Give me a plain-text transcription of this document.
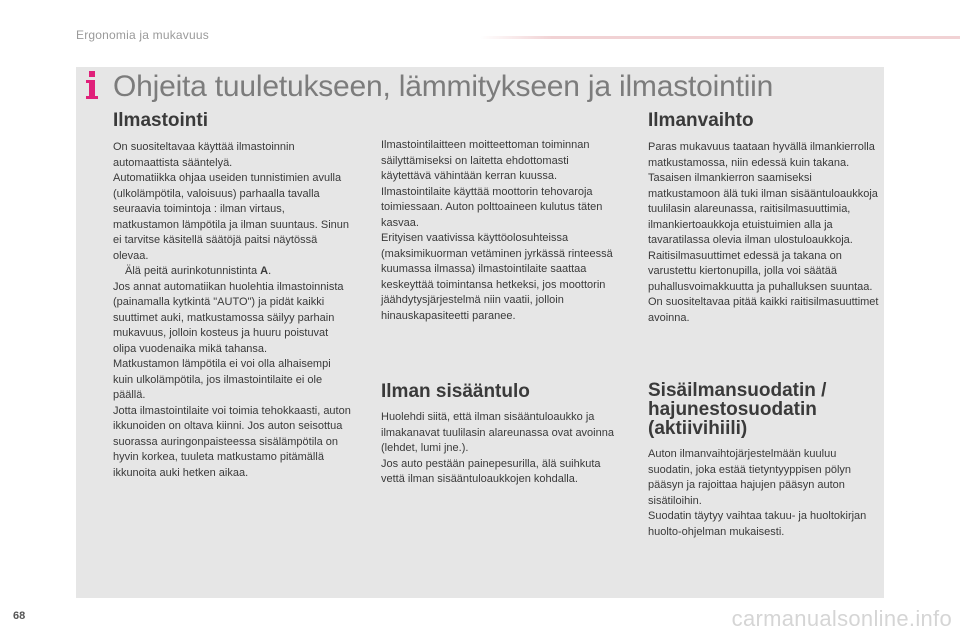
Ergonomia ja mukavuus
Ohjeita tuuletukseen, lämmitykseen ja ilmastointiin
Ilmastointi

On suositeltavaa käyttää ilmastoinnin automaattista sääntelyä.
Automatiikka ohjaa useiden tunnistimien avulla (ulkolämpötila, valoisuus) parhaalla tavalla seuraavia toimintoja : ilman virtaus, matkustamon lämpötila ja ilman suuntaus. Sinun ei tarvitse käsitellä säätöjä paitsi näytössä olevaa.

Älä peitä aurinkotunnistinta A.

Jos annat automatiikan huolehtia ilmastoinnista (painamalla kytkintä "AUTO") ja pidät kaikki suuttimet auki, matkustamossa säilyy parhain mukavuus, jolloin kosteus ja huuru poistuvat olipa vuodenaika mikä tahansa.
Matkustamon lämpötila ei voi olla alhaisempi kuin ulkolämpötila, jos ilmastointilaite ei ole päällä.
Jotta ilmastointilaite voi toimia tehokkaasti, auton ikkunoiden on oltava kiinni. Jos auton seisottua suorassa auringonpaisteessa sisälämpötila on hyvin korkea, tuuleta matkustamo pitämällä ikkunoita auki hetken aikaa.

Ilmastointilaitteen moitteettoman toiminnan säilyttämiseksi on laitetta ehdottomasti käytettävä vähintään kerran kuussa.
Ilmastointilaite käyttää moottorin tehovaroja toimiessaan. Auton polttoaineen kulutus täten kasvaa.
Erityisen vaativissa käyttöolosuhteissa (maksimikuorman vetäminen jyrkässä rinteessä kuumassa ilmassa) ilmastointilaite saattaa keskeyttää toimintansa hetkeksi, jos moottorin jäähdytysjärjestelmä niin vaatii, jolloin hinauskapasiteetti paranee.

Ilman sisääntulo

Huolehdi siitä, että ilman sisääntuloaukko ja ilmakanavat tuulilasin alareunassa ovat avoinna (lehdet, lumi jne.).
Jos auto pestään painepesurilla, älä suihkuta vettä ilman sisääntuloaukkojen kohdalla.

Ilmanvaihto

Paras mukavuus taataan hyvällä ilmankierrolla matkustamossa, niin edessä kuin takana.
Tasaisen ilmankierron saamiseksi matkustamoon älä tuki ilman sisääntuloaukkoja tuulilasin alareunassa, raitisilmasuuttimia, ilmankiertoaukkoja etuistuimien alla ja tavaratilassa olevia ilman ulostuloaukkoja.
Raitisilmasuuttimet edessä ja takana on varustettu kiertonupilla, jolla voi säätää puhallusvoimakkuutta ja puhalluksen suuntaa. On suositeltavaa pitää kaikki raitisilmasuuttimet avoinna.

Sisäilmansuodatin / hajunestosuodatin (aktiivihiili)

Auton ilmanvaihtojärjestelmään kuuluu suodatin, joka estää tietyntyyppisen pölyn pääsyn ja rajoittaa hajujen pääsyn auton sisätiloihin.
Suodatin täytyy vaihtaa takuu- ja huoltokirjan huolto-ohjelman mukaisesti.

68	carmanualsonline.info
